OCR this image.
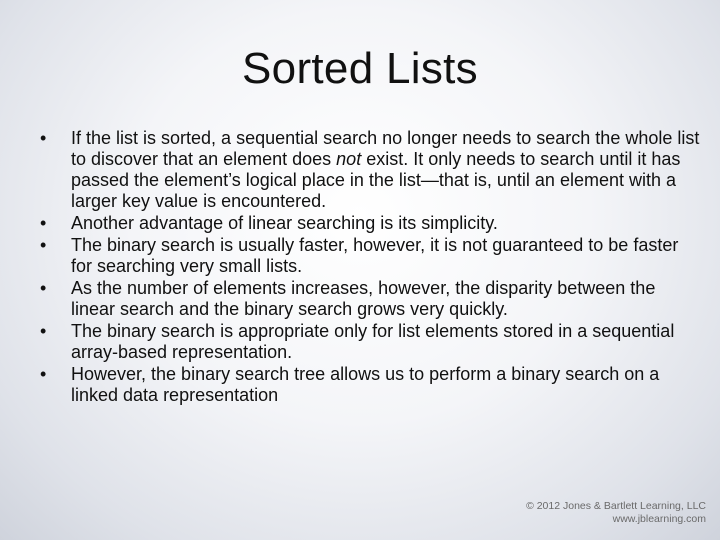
Sorted Lists
•	If the list is sorted, a sequential search no longer needs to search the whole list to discover that an element does not exist. It only needs to search until it has passed the element’s logical place in the list—that is, until an element with a larger key value is encountered.
•	Another advantage of linear searching is its simplicity.
•	The binary search is usually faster, however, it is not guaranteed to be faster for searching very small lists.
•	As the number of elements increases, however, the disparity between the linear search and the binary search grows very quickly.
•	The binary search is appropriate only for list elements stored in a sequential array-based representation.
•	However, the binary search tree allows us to perform a binary search on a linked data representation
© 2012 Jones & Bartlett Learning, LLC
www.jblearning.com
